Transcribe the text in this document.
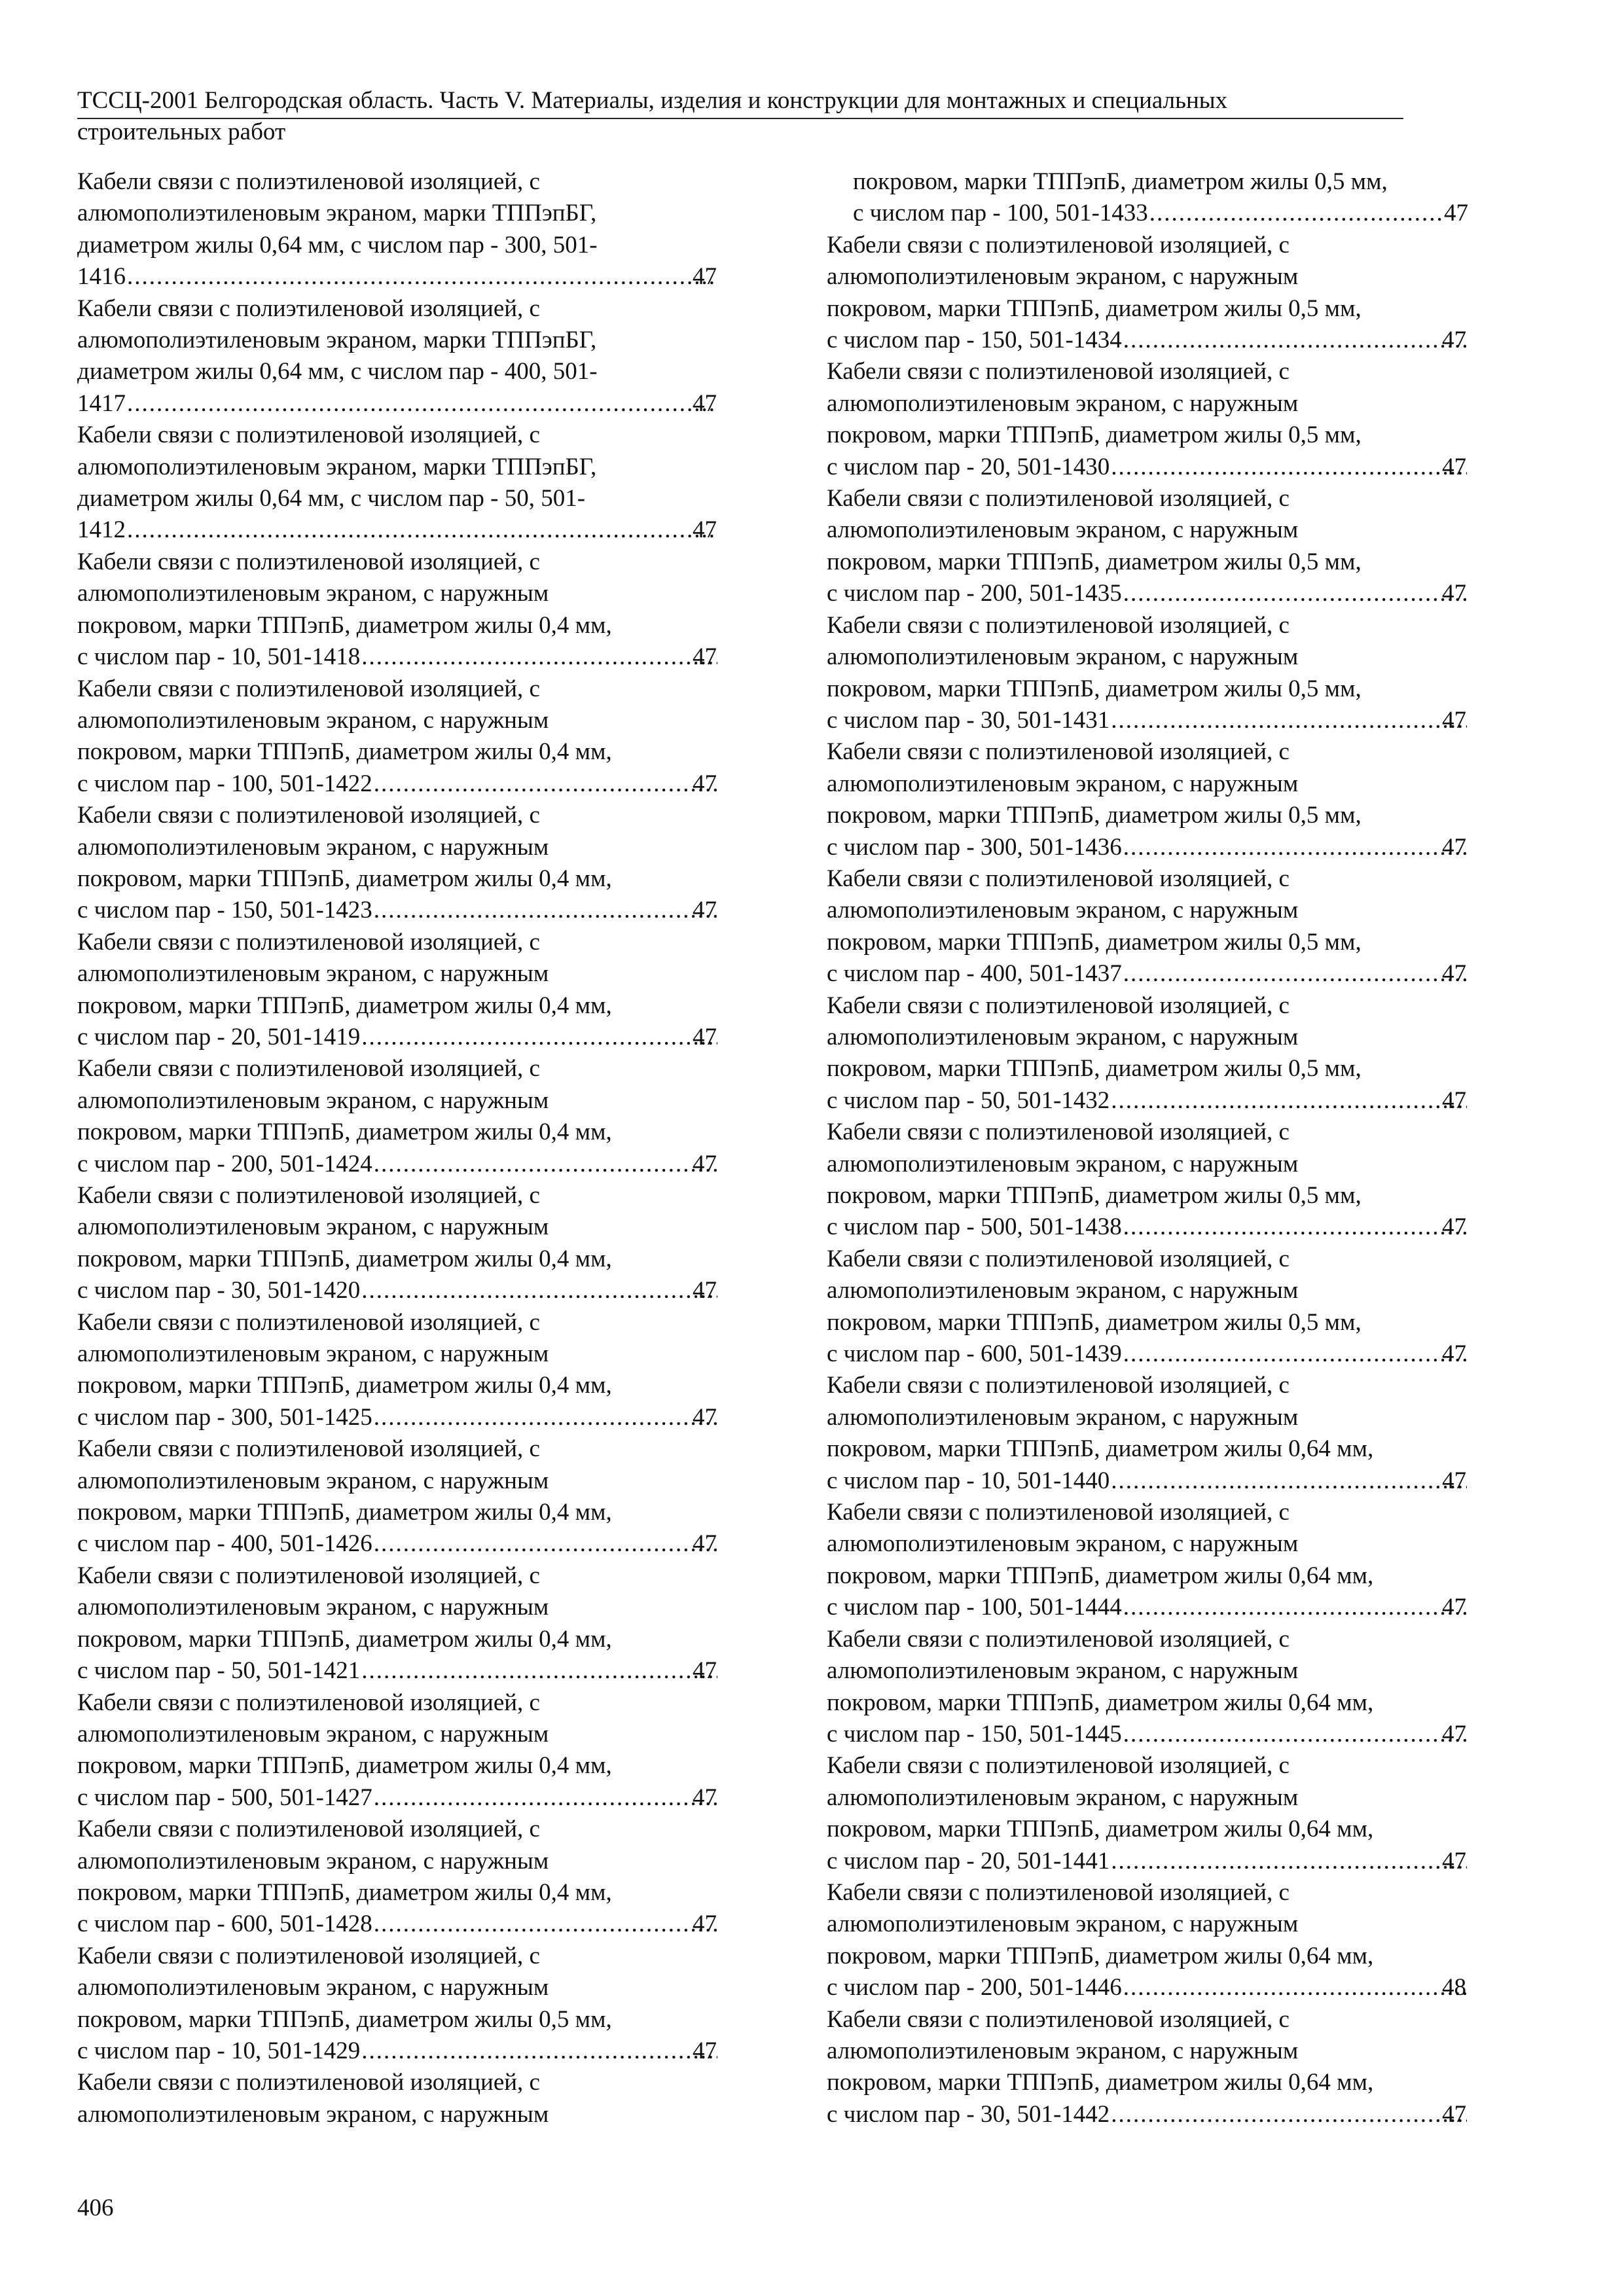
ТССЦ-2001 Белгородская область. Часть V. Материалы, изделия и конструкции для монтажных и специальных
строительных работ
Кабели связи с полиэтиленовой изоляцией, с
алюмополиэтиленовым экраном, марки ТППэпБГ,
диаметром жилы 0,64 мм, с числом пар - 300, 501-
1416 .....	47
Кабели связи с полиэтиленовой изоляцией, с
алюмополиэтиленовым экраном, марки ТППэпБГ,
диаметром жилы 0,64 мм, с числом пар - 400, 501-
1417 .....	47
Кабели связи с полиэтиленовой изоляцией, с
алюмополиэтиленовым экраном, марки ТППэпБГ,
диаметром жилы 0,64 мм, с числом пар - 50, 501-
1412 .....	47
Кабели связи с полиэтиленовой изоляцией, с
алюмополиэтиленовым экраном, с наружным
покровом, марки ТППэпБ, диаметром жилы 0,4 мм,
с числом пар - 10, 501-1418 .....	47
Кабели связи с полиэтиленовой изоляцией, с
алюмополиэтиленовым экраном, с наружным
покровом, марки ТППэпБ, диаметром жилы 0,4 мм,
с числом пар - 100, 501-1422 .....	47
Кабели связи с полиэтиленовой изоляцией, с
алюмополиэтиленовым экраном, с наружным
покровом, марки ТППэпБ, диаметром жилы 0,4 мм,
с числом пар - 150, 501-1423 .....	47
Кабели связи с полиэтиленовой изоляцией, с
алюмополиэтиленовым экраном, с наружным
покровом, марки ТППэпБ, диаметром жилы 0,4 мм,
с числом пар - 20, 501-1419 .....	47
Кабели связи с полиэтиленовой изоляцией, с
алюмополиэтиленовым экраном, с наружным
покровом, марки ТППэпБ, диаметром жилы 0,4 мм,
с числом пар - 200, 501-1424 .....	47
Кабели связи с полиэтиленовой изоляцией, с
алюмополиэтиленовым экраном, с наружным
покровом, марки ТППэпБ, диаметром жилы 0,4 мм,
с числом пар - 30, 501-1420 .....	47
Кабели связи с полиэтиленовой изоляцией, с
алюмополиэтиленовым экраном, с наружным
покровом, марки ТППэпБ, диаметром жилы 0,4 мм,
с числом пар - 300, 501-1425 .....	47
Кабели связи с полиэтиленовой изоляцией, с
алюмополиэтиленовым экраном, с наружным
покровом, марки ТППэпБ, диаметром жилы 0,4 мм,
с числом пар - 400, 501-1426 .....	47
Кабели связи с полиэтиленовой изоляцией, с
алюмополиэтиленовым экраном, с наружным
покровом, марки ТППэпБ, диаметром жилы 0,4 мм,
с числом пар - 50, 501-1421 .....	47
Кабели связи с полиэтиленовой изоляцией, с
алюмополиэтиленовым экраном, с наружным
покровом, марки ТППэпБ, диаметром жилы 0,4 мм,
с числом пар - 500, 501-1427 .....	47
Кабели связи с полиэтиленовой изоляцией, с
алюмополиэтиленовым экраном, с наружным
покровом, марки ТППэпБ, диаметром жилы 0,4 мм,
с числом пар - 600, 501-1428 .....	47
Кабели связи с полиэтиленовой изоляцией, с
алюмополиэтиленовым экраном, с наружным
покровом, марки ТППэпБ, диаметром жилы 0,5 мм,
с числом пар - 10, 501-1429 .....	47
Кабели связи с полиэтиленовой изоляцией, с
алюмополиэтиленовым экраном, с наружным
покровом, марки ТППэпБ, диаметром жилы 0,5 мм,
с числом пар - 100, 501-1433 .....	47
Кабели связи с полиэтиленовой изоляцией, с
алюмополиэтиленовым экраном, с наружным
покровом, марки ТППэпБ, диаметром жилы 0,5 мм,
с числом пар - 150, 501-1434 .....	47
Кабели связи с полиэтиленовой изоляцией, с
алюмополиэтиленовым экраном, с наружным
покровом, марки ТППэпБ, диаметром жилы 0,5 мм,
с числом пар - 20, 501-1430 .....	47
Кабели связи с полиэтиленовой изоляцией, с
алюмополиэтиленовым экраном, с наружным
покровом, марки ТППэпБ, диаметром жилы 0,5 мм,
с числом пар - 200, 501-1435 .....	47
Кабели связи с полиэтиленовой изоляцией, с
алюмополиэтиленовым экраном, с наружным
покровом, марки ТППэпБ, диаметром жилы 0,5 мм,
с числом пар - 30, 501-1431 .....	47
Кабели связи с полиэтиленовой изоляцией, с
алюмополиэтиленовым экраном, с наружным
покровом, марки ТППэпБ, диаметром жилы 0,5 мм,
с числом пар - 300, 501-1436 .....	47
Кабели связи с полиэтиленовой изоляцией, с
алюмополиэтиленовым экраном, с наружным
покровом, марки ТППэпБ, диаметром жилы 0,5 мм,
с числом пар - 400, 501-1437 .....	47
Кабели связи с полиэтиленовой изоляцией, с
алюмополиэтиленовым экраном, с наружным
покровом, марки ТППэпБ, диаметром жилы 0,5 мм,
с числом пар - 50, 501-1432 .....	47
Кабели связи с полиэтиленовой изоляцией, с
алюмополиэтиленовым экраном, с наружным
покровом, марки ТППэпБ, диаметром жилы 0,5 мм,
с числом пар - 500, 501-1438 .....	47
Кабели связи с полиэтиленовой изоляцией, с
алюмополиэтиленовым экраном, с наружным
покровом, марки ТППэпБ, диаметром жилы 0,5 мм,
с числом пар - 600, 501-1439 .....	47
Кабели связи с полиэтиленовой изоляцией, с
алюмополиэтиленовым экраном, с наружным
покровом, марки ТППэпБ, диаметром жилы 0,64 мм,
с числом пар - 10, 501-1440 .....	47
Кабели связи с полиэтиленовой изоляцией, с
алюмополиэтиленовым экраном, с наружным
покровом, марки ТППэпБ, диаметром жилы 0,64 мм,
с числом пар - 100, 501-1444 .....	47
Кабели связи с полиэтиленовой изоляцией, с
алюмополиэтиленовым экраном, с наружным
покровом, марки ТППэпБ, диаметром жилы 0,64 мм,
с числом пар - 150, 501-1445 .....	47
Кабели связи с полиэтиленовой изоляцией, с
алюмополиэтиленовым экраном, с наружным
покровом, марки ТППэпБ, диаметром жилы 0,64 мм,
с числом пар - 20, 501-1441 .....	47
Кабели связи с полиэтиленовой изоляцией, с
алюмополиэтиленовым экраном, с наружным
покровом, марки ТППэпБ, диаметром жилы 0,64 мм,
с числом пар - 200, 501-1446 .....	48
Кабели связи с полиэтиленовой изоляцией, с
алюмополиэтиленовым экраном, с наружным
покровом, марки ТППэпБ, диаметром жилы 0,64 мм,
с числом пар - 30, 501-1442 .....	47
406
